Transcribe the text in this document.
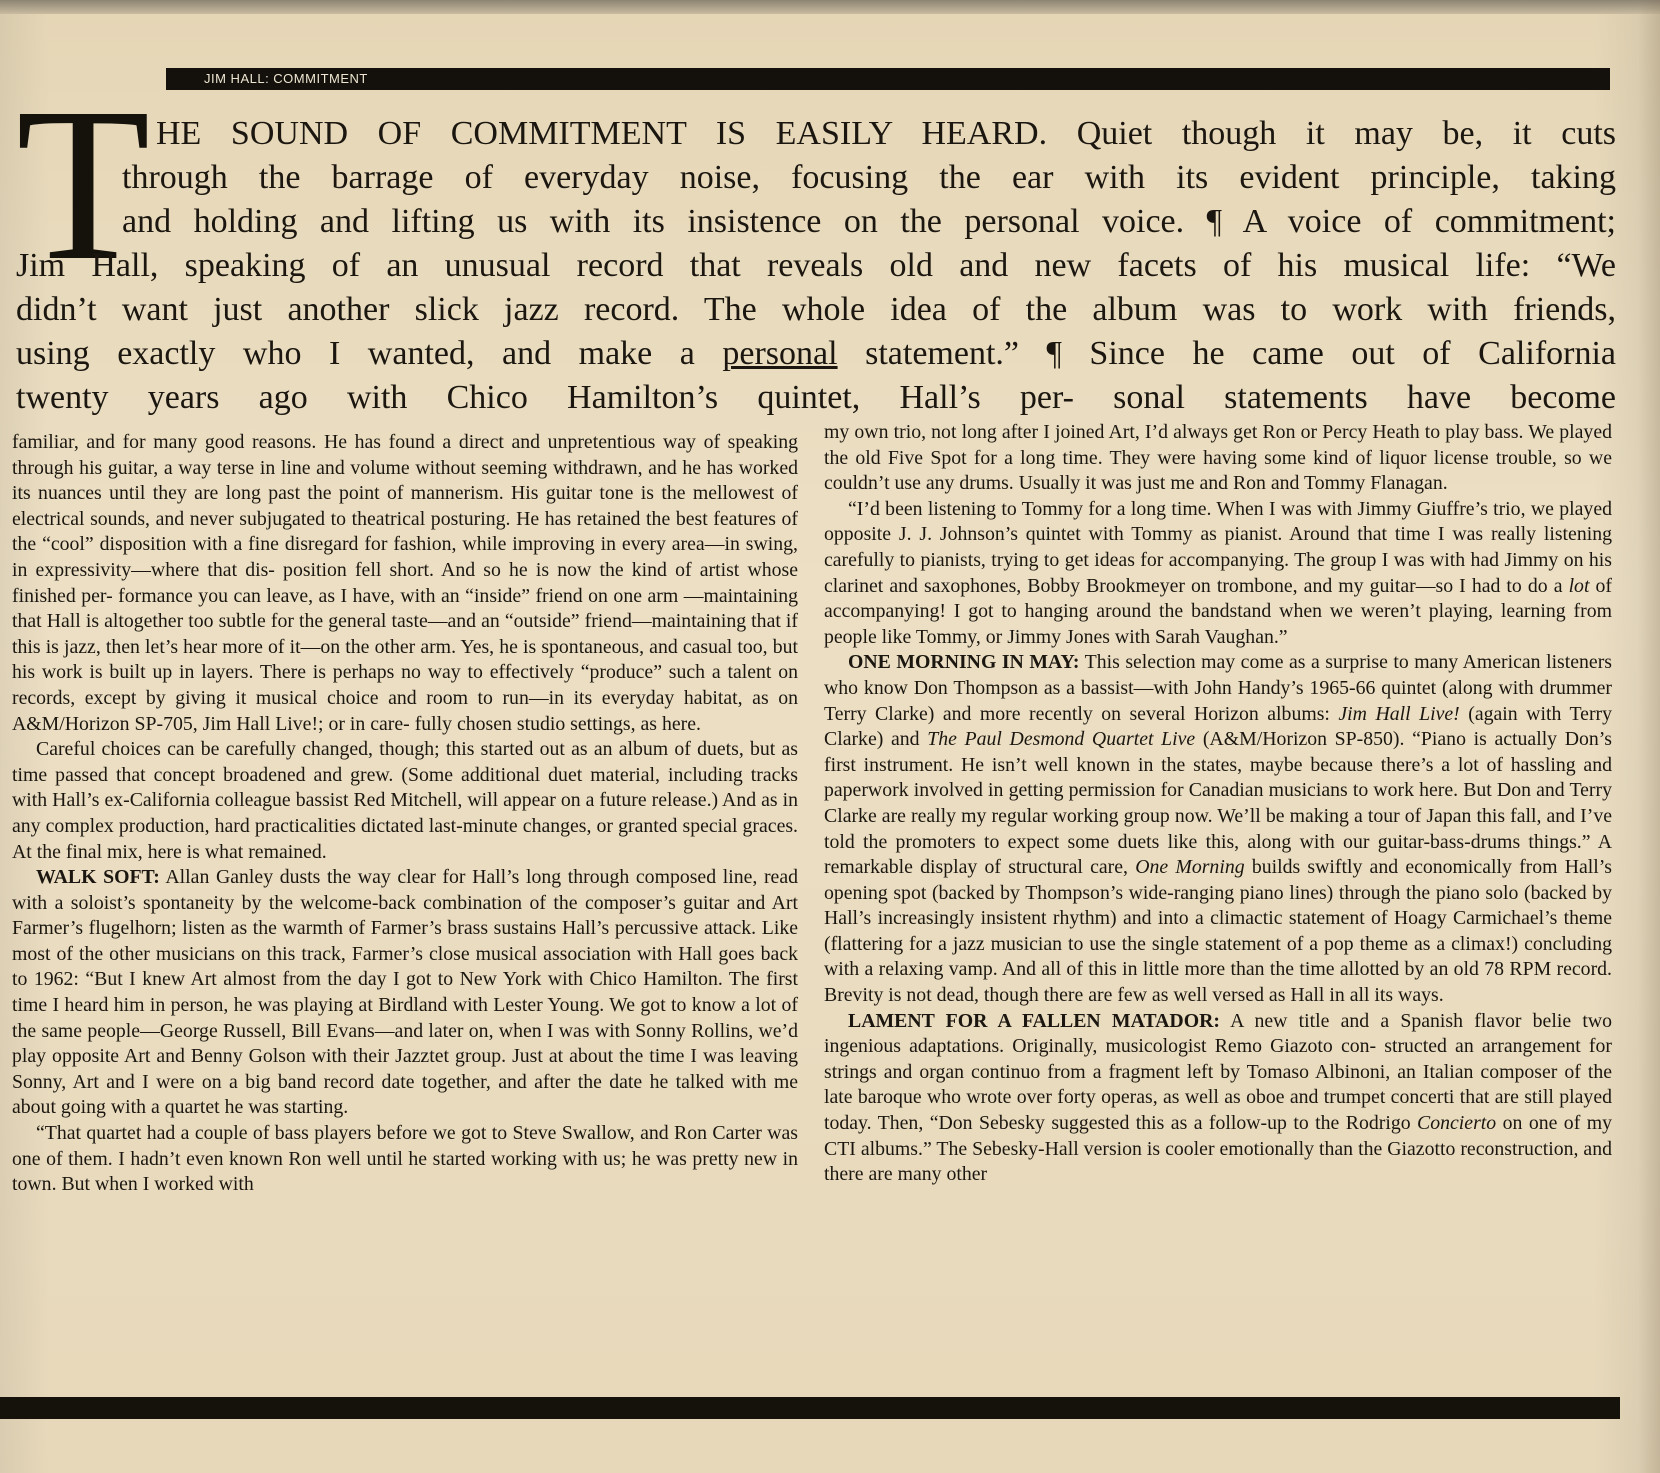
JIM HALL: COMMITMENT
T HE SOUND OF COMMITMENT IS EASILY HEARD. Quiet though it may be, it cuts
through the barrage of everyday noise, focusing the ear with its evident principle, taking
and holding and lifting us with its insistence on the personal voice. ¶ A voice of commitment;
Jim Hall, speaking of an unusual record that reveals old and new facets of his musical life: “We
didn’t want just another slick jazz record. The whole idea of the album was to work with friends,
using exactly who I wanted, and make a personal statement.” ¶ Since he came out of California
twenty years ago with Chico Hamilton’s quintet, Hall’s per- sonal statements have become

familiar, and for many good reasons. He has found a direct and unpretentious way of speaking through his guitar, a way terse in line and volume without seeming withdrawn, and he has worked its nuances until they are long past the point of mannerism. His guitar tone is the mellowest of electrical sounds, and never subjugated to theatrical posturing. He has retained the best features of the “cool” disposition with a fine disregard for fashion, while improving in every area—in swing, in expressivity—where that dis- position fell short. And so he is now the kind of artist whose finished per- formance you can leave, as I have, with an “inside” friend on one arm —maintaining that Hall is altogether too subtle for the general taste—and an “outside” friend—maintaining that if this is jazz, then let’s hear more of it—on the other arm. Yes, he is spontaneous, and casual too, but his work is built up in layers. There is perhaps no way to effectively “produce” such a talent on records, except by giving it musical choice and room to run—in its everyday habitat, as on A&M/Horizon SP-705, Jim Hall Live!; or in care- fully chosen studio settings, as here.

Careful choices can be carefully changed, though; this started out as an album of duets, but as time passed that concept broadened and grew. (Some additional duet material, including tracks with Hall’s ex-California colleague bassist Red Mitchell, will appear on a future release.) And as in any complex production, hard practicalities dictated last-minute changes, or granted special graces. At the final mix, here is what remained.

WALK SOFT: Allan Ganley dusts the way clear for Hall’s long through composed line, read with a soloist’s spontaneity by the welcome-back combination of the composer’s guitar and Art Farmer’s flugelhorn; listen as the warmth of Farmer’s brass sustains Hall’s percussive attack. Like most of the other musicians on this track, Farmer’s close musical association with Hall goes back to 1962: “But I knew Art almost from the day I got to New York with Chico Hamilton. The first time I heard him in person, he was playing at Birdland with Lester Young. We got to know a lot of the same people—George Russell, Bill Evans—and later on, when I was with Sonny Rollins, we’d play opposite Art and Benny Golson with their Jazztet group. Just at about the time I was leaving Sonny, Art and I were on a big band record date together, and after the date he talked with me about going with a quartet he was starting.

“That quartet had a couple of bass players before we got to Steve Swallow, and Ron Carter was one of them. I hadn’t even known Ron well until he started working with us; he was pretty new in town. But when I worked with

my own trio, not long after I joined Art, I’d always get Ron or Percy Heath to play bass. We played the old Five Spot for a long time. They were having some kind of liquor license trouble, so we couldn’t use any drums. Usually it was just me and Ron and Tommy Flanagan.

“I’d been listening to Tommy for a long time. When I was with Jimmy Giuffre’s trio, we played opposite J. J. Johnson’s quintet with Tommy as pianist. Around that time I was really listening carefully to pianists, trying to get ideas for accompanying. The group I was with had Jimmy on his clarinet and saxophones, Bobby Brookmeyer on trombone, and my guitar—so I had to do a lot of accompanying! I got to hanging around the bandstand when we weren’t playing, learning from people like Tommy, or Jimmy Jones with Sarah Vaughan.”

ONE MORNING IN MAY: This selection may come as a surprise to many American listeners who know Don Thompson as a bassist—with John Handy’s 1965-66 quintet (along with drummer Terry Clarke) and more recently on several Horizon albums: Jim Hall Live! (again with Terry Clarke) and The Paul Desmond Quartet Live (A&M/Horizon SP-850). “Piano is actually Don’s first instrument. He isn’t well known in the states, maybe because there’s a lot of hassling and paperwork involved in getting permission for Canadian musicians to work here. But Don and Terry Clarke are really my regular working group now. We’ll be making a tour of Japan this fall, and I’ve told the promoters to expect some duets like this, along with our guitar-bass-drums things.” A remarkable display of structural care, One Morning builds swiftly and economically from Hall’s opening spot (backed by Thompson’s wide-ranging piano lines) through the piano solo (backed by Hall’s increasingly insistent rhythm) and into a climactic statement of Hoagy Carmichael’s theme (flattering for a jazz musician to use the single statement of a pop theme as a climax!) concluding with a relaxing vamp. And all of this in little more than the time allotted by an old 78 RPM record. Brevity is not dead, though there are few as well versed as Hall in all its ways.

LAMENT FOR A FALLEN MATADOR: A new title and a Spanish flavor belie two ingenious adaptations. Originally, musicologist Remo Giazoto con- structed an arrangement for strings and organ continuo from a fragment left by Tomaso Albinoni, an Italian composer of the late baroque who wrote over forty operas, as well as oboe and trumpet concerti that are still played today. Then, “Don Sebesky suggested this as a follow-up to the Rodrigo Concierto on one of my CTI albums.” The Sebesky-Hall version is cooler emotionally than the Giazotto reconstruction, and there are many other
